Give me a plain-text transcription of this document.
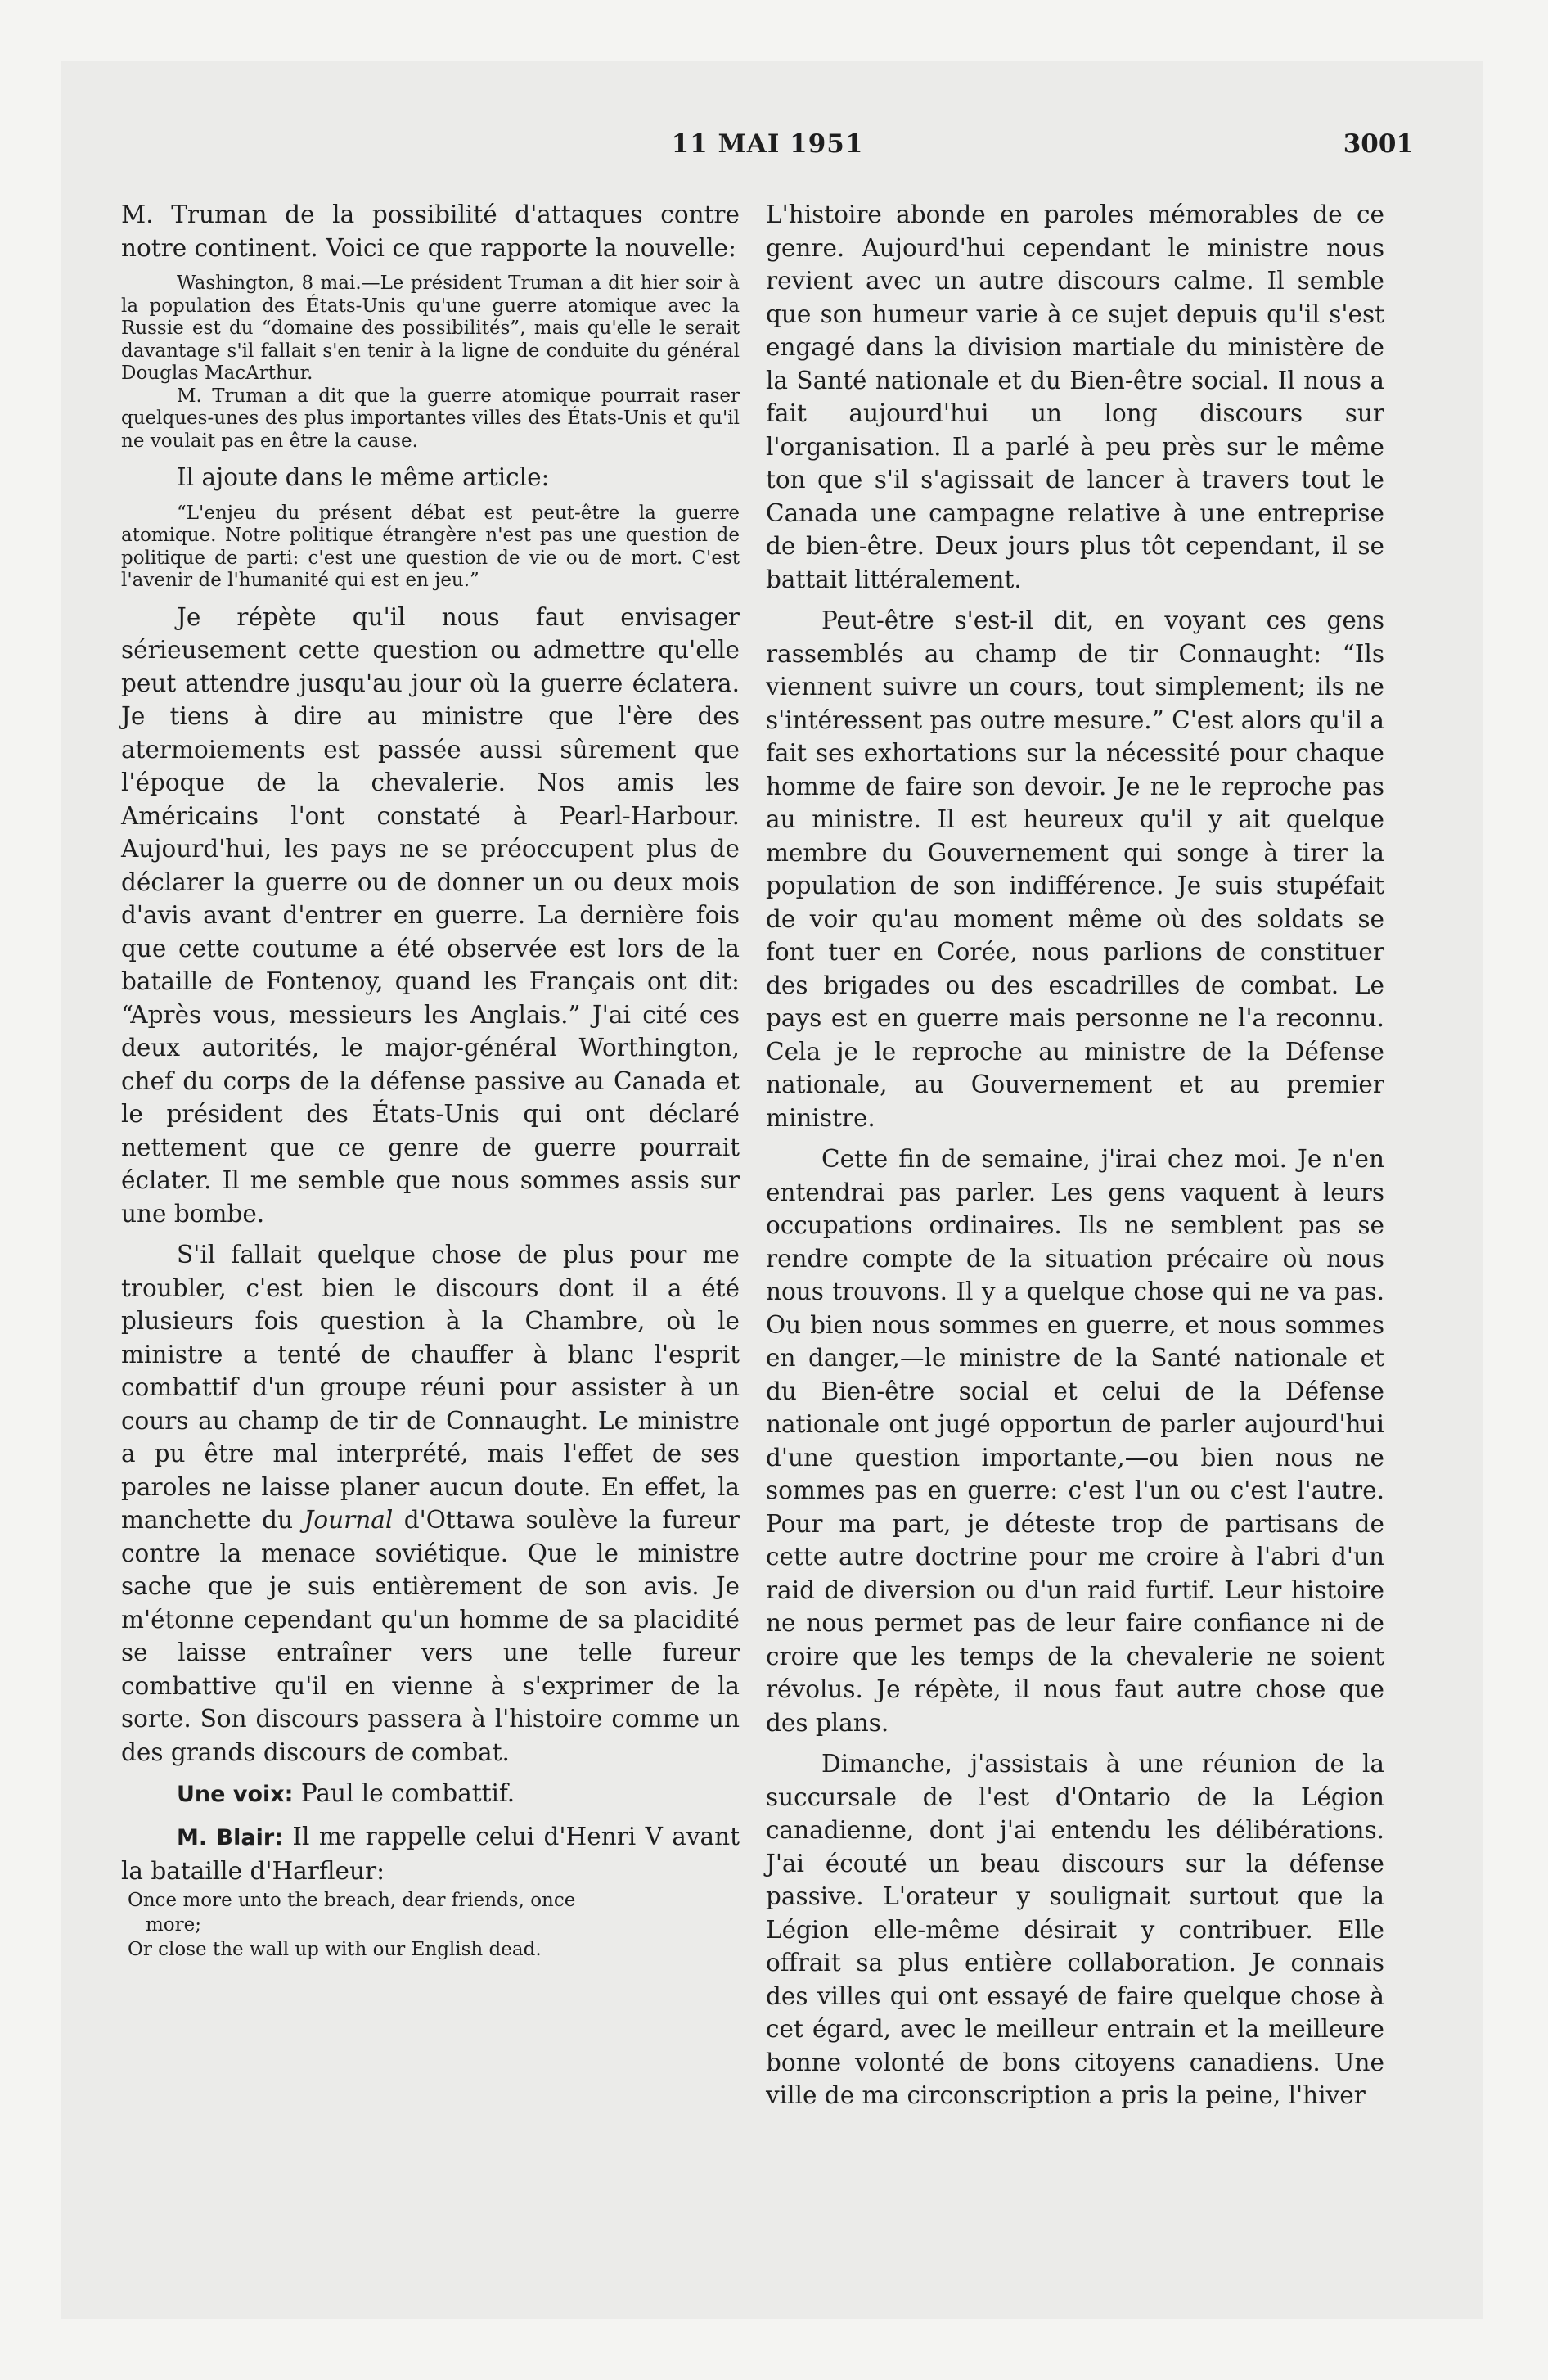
11 MAI 1951	3001

M. Truman de la possibilité d'attaques contre notre continent. Voici ce que rapporte la nouvelle:

Washington, 8 mai.—Le président Truman a dit hier soir à la population des États-Unis qu'une guerre atomique avec la Russie est du “domaine des possibilités”, mais qu'elle le serait davantage s'il fallait s'en tenir à la ligne de conduite du général Douglas MacArthur.

M. Truman a dit que la guerre atomique pourrait raser quelques-unes des plus importantes villes des États-Unis et qu'il ne voulait pas en être la cause.

Il ajoute dans le même article:

“L'enjeu du présent débat est peut-être la guerre atomique. Notre politique étrangère n'est pas une question de politique de parti: c'est une question de vie ou de mort. C'est l'avenir de l'humanité qui est en jeu.”

Je répète qu'il nous faut envisager sérieusement cette question ou admettre qu'elle peut attendre jusqu'au jour où la guerre éclatera. Je tiens à dire au ministre que l'ère des atermoiements est passée aussi sûrement que l'époque de la chevalerie. Nos amis les Américains l'ont constaté à Pearl-Harbour. Aujourd'hui, les pays ne se préoccupent plus de déclarer la guerre ou de donner un ou deux mois d'avis avant d'entrer en guerre. La dernière fois que cette coutume a été observée est lors de la bataille de Fontenoy, quand les Français ont dit: “Après vous, messieurs les Anglais.” J'ai cité ces deux autorités, le major-général Worthington, chef du corps de la défense passive au Canada et le président des États-Unis qui ont déclaré nettement que ce genre de guerre pourrait éclater. Il me semble que nous sommes assis sur une bombe.

S'il fallait quelque chose de plus pour me troubler, c'est bien le discours dont il a été plusieurs fois question à la Chambre, où le ministre a tenté de chauffer à blanc l'esprit combattif d'un groupe réuni pour assister à un cours au champ de tir de Connaught. Le ministre a pu être mal interprété, mais l'effet de ses paroles ne laisse planer aucun doute. En effet, la manchette du Journal d'Ottawa soulève la fureur contre la menace soviétique. Que le ministre sache que je suis entièrement de son avis. Je m'étonne cependant qu'un homme de sa placidité se laisse entraîner vers une telle fureur combattive qu'il en vienne à s'exprimer de la sorte. Son discours passera à l'histoire comme un des grands discours de combat.

Une voix: Paul le combattif.

M. Blair: Il me rappelle celui d'Henri V avant la bataille d'Harfleur:

Once more unto the breach, dear friends, once

more;

Or close the wall up with our English dead.

L'histoire abonde en paroles mémorables de ce genre. Aujourd'hui cependant le ministre nous revient avec un autre discours calme. Il semble que son humeur varie à ce sujet depuis qu'il s'est engagé dans la division martiale du ministère de la Santé nationale et du Bien-être social. Il nous a fait aujourd'hui un long discours sur l'organisation. Il a parlé à peu près sur le même ton que s'il s'agissait de lancer à travers tout le Canada une campagne relative à une entreprise de bien-être. Deux jours plus tôt cependant, il se battait littéralement.

Peut-être s'est-il dit, en voyant ces gens rassemblés au champ de tir Connaught: “Ils viennent suivre un cours, tout simplement; ils ne s'intéressent pas outre mesure.” C'est alors qu'il a fait ses exhortations sur la nécessité pour chaque homme de faire son devoir. Je ne le reproche pas au ministre. Il est heureux qu'il y ait quelque membre du Gouvernement qui songe à tirer la population de son indifférence. Je suis stupéfait de voir qu'au moment même où des soldats se font tuer en Corée, nous parlions de constituer des brigades ou des escadrilles de combat. Le pays est en guerre mais personne ne l'a reconnu. Cela je le reproche au ministre de la Défense nationale, au Gouvernement et au premier ministre.

Cette fin de semaine, j'irai chez moi. Je n'en entendrai pas parler. Les gens vaquent à leurs occupations ordinaires. Ils ne semblent pas se rendre compte de la situation précaire où nous nous trouvons. Il y a quelque chose qui ne va pas. Ou bien nous sommes en guerre, et nous sommes en danger,—le ministre de la Santé nationale et du Bien-être social et celui de la Défense nationale ont jugé opportun de parler aujourd'hui d'une question importante,—ou bien nous ne sommes pas en guerre: c'est l'un ou c'est l'autre. Pour ma part, je déteste trop de partisans de cette autre doctrine pour me croire à l'abri d'un raid de diversion ou d'un raid furtif. Leur histoire ne nous permet pas de leur faire confiance ni de croire que les temps de la chevalerie ne soient révolus. Je répète, il nous faut autre chose que des plans.

Dimanche, j'assistais à une réunion de la succursale de l'est d'Ontario de la Légion canadienne, dont j'ai entendu les délibérations. J'ai écouté un beau discours sur la défense passive. L'orateur y soulignait surtout que la Légion elle-même désirait y contribuer. Elle offrait sa plus entière collaboration. Je connais des villes qui ont essayé de faire quelque chose à cet égard, avec le meilleur entrain et la meilleure bonne volonté de bons citoyens canadiens. Une ville de ma circonscription a pris la peine, l'hiver
